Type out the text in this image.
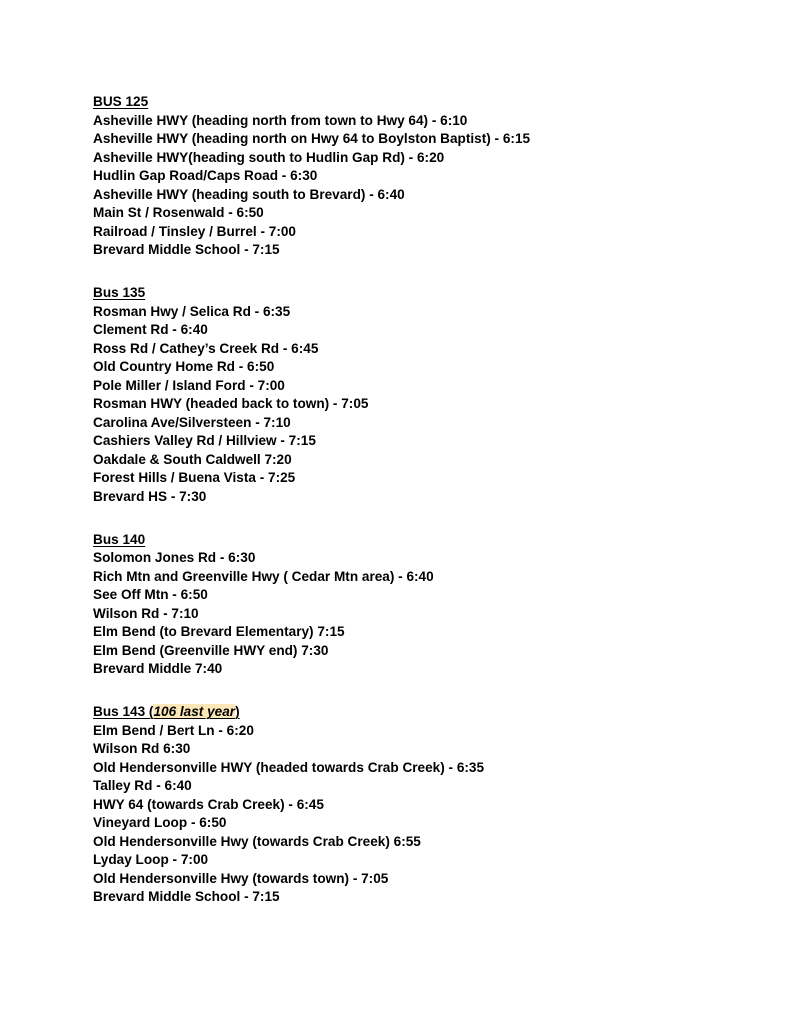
BUS 125
Asheville HWY (heading north from town to Hwy 64) - 6:10
Asheville HWY (heading north on Hwy 64 to Boylston Baptist) - 6:15
Asheville HWY(heading south to Hudlin Gap Rd) - 6:20
Hudlin Gap Road/Caps Road - 6:30
Asheville HWY (heading south to Brevard) - 6:40
Main St / Rosenwald - 6:50
Railroad / Tinsley / Burrel - 7:00
Brevard Middle School - 7:15
Bus 135
Rosman Hwy / Selica Rd - 6:35
Clement Rd - 6:40
Ross Rd / Cathey’s Creek Rd - 6:45
Old Country Home Rd - 6:50
Pole Miller / Island Ford - 7:00
Rosman HWY (headed back to town) - 7:05
Carolina Ave/Silversteen - 7:10
Cashiers Valley Rd / Hillview - 7:15
Oakdale & South Caldwell 7:20
Forest Hills / Buena Vista - 7:25
Brevard HS - 7:30
Bus 140
Solomon Jones Rd - 6:30
Rich Mtn and Greenville Hwy ( Cedar Mtn area) - 6:40
See Off Mtn - 6:50
Wilson Rd - 7:10
Elm Bend (to Brevard Elementary) 7:15
Elm Bend (Greenville HWY end) 7:30
Brevard Middle 7:40
Bus 143 (106 last year)
Elm Bend / Bert Ln - 6:20
Wilson Rd 6:30
Old Hendersonville HWY (headed towards Crab Creek) - 6:35
Talley Rd - 6:40
HWY 64 (towards Crab Creek) - 6:45
Vineyard Loop - 6:50
Old Hendersonville Hwy (towards Crab Creek) 6:55
Lyday Loop - 7:00
Old Hendersonville Hwy (towards town) - 7:05
Brevard Middle School - 7:15
